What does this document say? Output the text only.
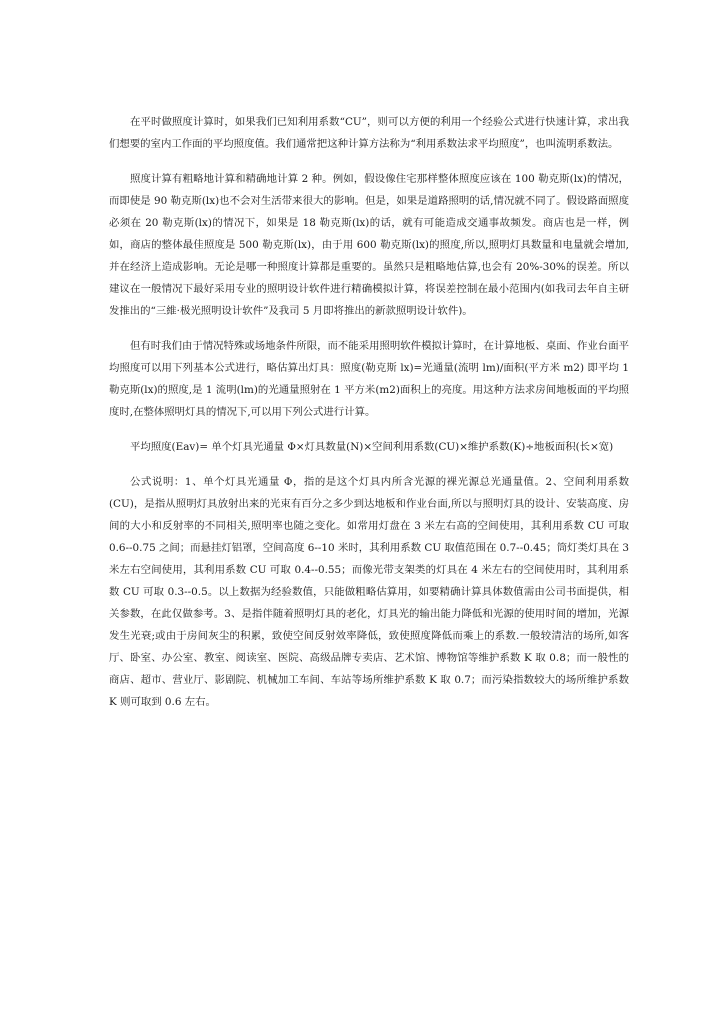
在平时做照度计算时，如果我们已知利用系数“CU”，则可以方便的利用一个经验公式进行快速计算，求出我们想要的室内工作面的平均照度值。我们通常把这种计算方法称为“利用系数法求平均照度”，也叫流明系数法。

照度计算有粗略地计算和精确地计算 2 种。例如，假设像住宅那样整体照度应该在 100 勒克斯(lx)的情况，而即使是 90 勒克斯(lx)也不会对生活带来很大的影响。但是，如果是道路照明的话,情况就不同了。假设路面照度必须在 20 勒克斯(lx)的情况下，如果是 18 勒克斯(lx)的话，就有可能造成交通事故频发。商店也是一样，例如，商店的整体最佳照度是 500 勒克斯(lx)，由于用 600 勒克斯(lx)的照度,所以,照明灯具数量和电量就会增加,并在经济上造成影响。无论是哪一种照度计算都是重要的。虽然只是粗略地估算,也会有 20%-30%的误差。所以建议在一般情况下最好采用专业的照明设计软件进行精确模拟计算，将误差控制在最小范围内(如我司去年自主研发推出的“三維·极光照明设计软件”及我司 5 月即将推出的新款照明设计软件)。

但有时我们由于情况特殊或场地条件所限，而不能采用照明软件模拟计算时，在计算地板、桌面、作业台面平均照度可以用下列基本公式进行，略估算出灯具：照度(勒克斯 lx)=光通量(流明 lm)/面积(平方米 m2) 即平均 1 勒克斯(lx)的照度,是 1 流明(lm)的光通量照射在 1 平方米(m2)面积上的亮度。用这种方法求房间地板面的平均照度时,在整体照明灯具的情况下,可以用下列公式进行计算。

平均照度(Eav)= 单个灯具光通量 Φ×灯具数量(N)×空间利用系数(CU)×维护系数(K)÷地板面积(长×宽)

公式说明：1、单个灯具光通量 Φ，指的是这个灯具内所含光源的裸光源总光通量值。2、空间利用系数(CU)，是指从照明灯具放射出来的光束有百分之多少到达地板和作业台面,所以与照明灯具的设计、安装高度、房间的大小和反射率的不同相关,照明率也随之变化。如常用灯盘在 3 米左右高的空间使用，其利用系数 CU 可取 0.6--0.75 之间；而悬挂灯铝罩，空间高度 6--10 米时，其利用系数 CU 取值范围在 0.7--0.45；筒灯类灯具在 3 米左右空间使用，其利用系数 CU 可取 0.4--0.55；而像光带支架类的灯具在 4 米左右的空间使用时，其利用系数 CU 可取 0.3--0.5。以上数据为经验数值，只能做粗略估算用，如要精确计算具体数值需由公司书面提供，相关参数，在此仅做参考。3、是指伴随着照明灯具的老化，灯具光的输出能力降低和光源的使用时间的增加，光源发生光衰;或由于房间灰尘的积累，致使空间反射效率降低，致使照度降低而乘上的系数.一般较清洁的场所,如客厅、卧室、办公室、教室、阅读室、医院、高级品牌专卖店、艺术馆、博物馆等维护系数 K 取 0.8；而一般性的商店、超市、营业厅、影剧院、机械加工车间、车站等场所维护系数 K 取 0.7；而污染指数较大的场所维护系数 K 则可取到 0.6 左右。
